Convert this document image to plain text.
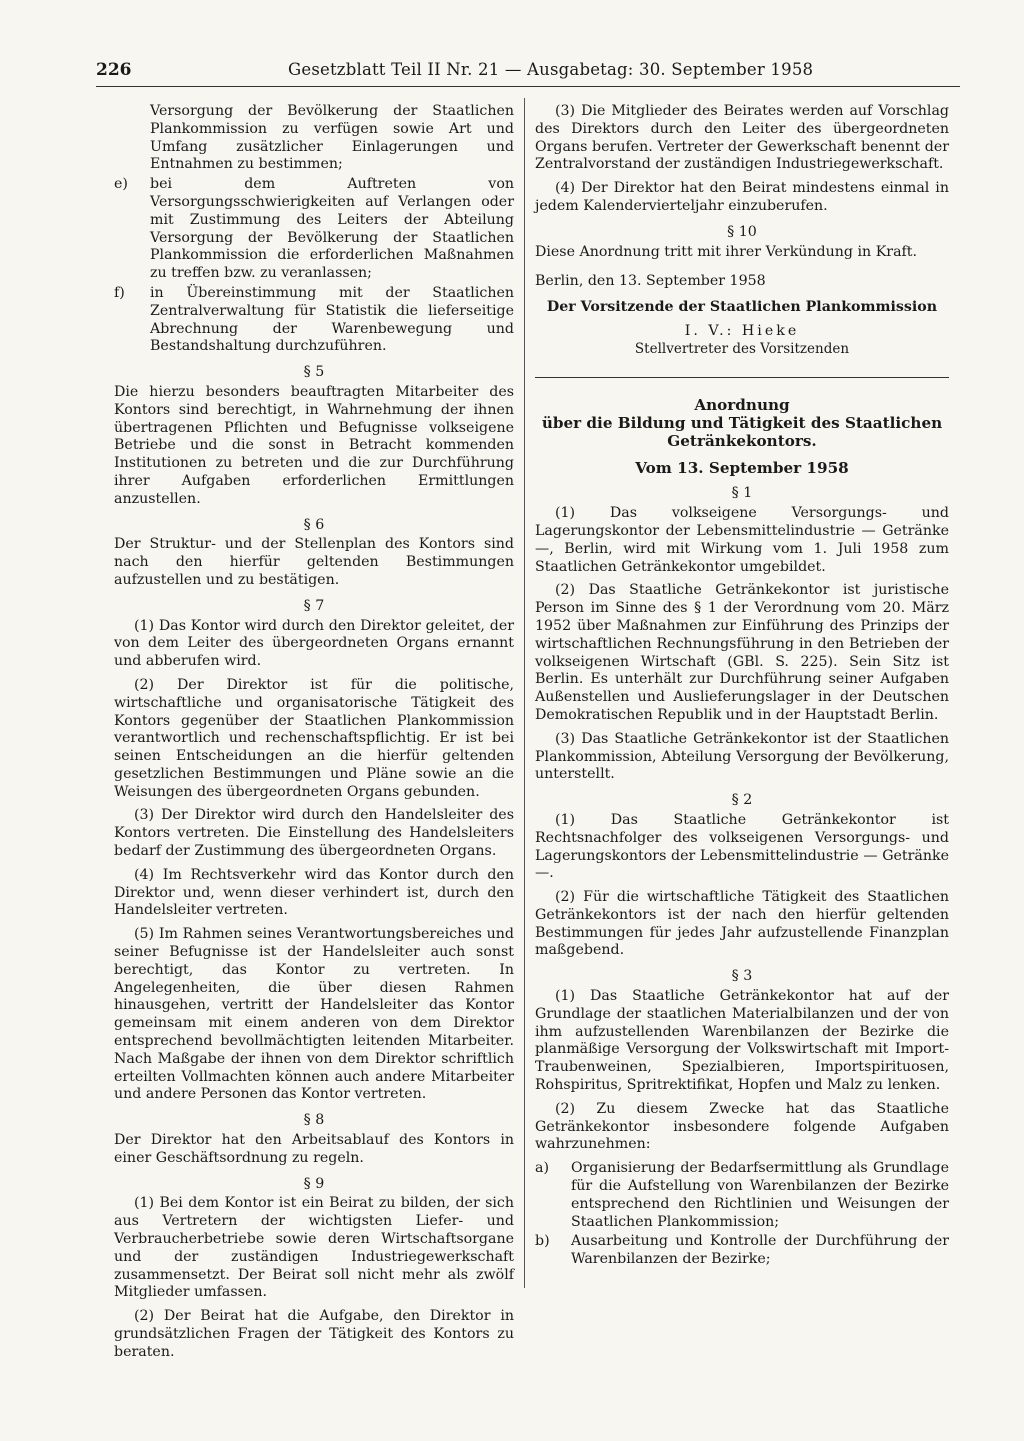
226	Gesetzblatt Teil II Nr. 21 — Ausgabetag: 30. September 1958

Versorgung der Bevölkerung der Staatlichen Plankommission zu verfügen sowie Art und Umfang zusätzlicher Einlagerungen und Entnahmen zu bestimmen;

e)	bei dem Auftreten von Versorgungsschwierigkeiten auf Verlangen oder mit Zustimmung des Leiters der Abteilung Versorgung der Bevölkerung der Staatlichen Plankommission die erforderlichen Maßnahmen zu treffen bzw. zu veranlassen;
f)	in Übereinstimmung mit der Staatlichen Zentralverwaltung für Statistik die lieferseitige Abrechnung der Warenbewegung und Bestandshaltung durchzuführen.
§ 5

Die hierzu besonders beauftragten Mitarbeiter des Kontors sind berechtigt, in Wahrnehmung der ihnen übertragenen Pflichten und Befugnisse volkseigene Betriebe und die sonst in Betracht kommenden Institutionen zu betreten und die zur Durchführung ihrer Aufgaben erforderlichen Ermittlungen anzustellen.

§ 6

Der Struktur- und der Stellenplan des Kontors sind nach den hierfür geltenden Bestimmungen aufzustellen und zu bestätigen.

§ 7

(1) Das Kontor wird durch den Direktor geleitet, der von dem Leiter des übergeordneten Organs ernannt und abberufen wird.

(2) Der Direktor ist für die politische, wirtschaftliche und organisatorische Tätigkeit des Kontors gegenüber der Staatlichen Plankommission verantwortlich und rechenschaftspflichtig. Er ist bei seinen Entscheidungen an die hierfür geltenden gesetzlichen Bestimmungen und Pläne sowie an die Weisungen des übergeordneten Organs gebunden.

(3) Der Direktor wird durch den Handelsleiter des Kontors vertreten. Die Einstellung des Handelsleiters bedarf der Zustimmung des übergeordneten Organs.

(4) Im Rechtsverkehr wird das Kontor durch den Direktor und, wenn dieser verhindert ist, durch den Handelsleiter vertreten.

(5) Im Rahmen seines Verantwortungsbereiches und seiner Befugnisse ist der Handelsleiter auch sonst berechtigt, das Kontor zu vertreten. In Angelegenheiten, die über diesen Rahmen hinausgehen, vertritt der Handelsleiter das Kontor gemeinsam mit einem anderen von dem Direktor entsprechend bevollmächtigten leitenden Mitarbeiter. Nach Maßgabe der ihnen von dem Direktor schriftlich erteilten Vollmachten können auch andere Mitarbeiter und andere Personen das Kontor vertreten.

§ 8

Der Direktor hat den Arbeitsablauf des Kontors in einer Geschäftsordnung zu regeln.

§ 9

(1) Bei dem Kontor ist ein Beirat zu bilden, der sich aus Vertretern der wichtigsten Liefer- und Verbraucherbetriebe sowie deren Wirtschaftsorgane und der zuständigen Industriegewerkschaft zusammensetzt. Der Beirat soll nicht mehr als zwölf Mitglieder umfassen.

(2) Der Beirat hat die Aufgabe, den Direktor in grundsätzlichen Fragen der Tätigkeit des Kontors zu beraten.

(3) Die Mitglieder des Beirates werden auf Vorschlag des Direktors durch den Leiter des übergeordneten Organs berufen. Vertreter der Gewerkschaft benennt der Zentralvorstand der zuständigen Industriegewerkschaft.

(4) Der Direktor hat den Beirat mindestens einmal in jedem Kalendervierteljahr einzuberufen.

§ 10

Diese Anordnung tritt mit ihrer Verkündung in Kraft.

Berlin, den 13. September 1958

Der Vorsitzende der Staatlichen Plankommission
I. V.: Hieke
Stellvertreter des Vorsitzenden
Anordnung
über die Bildung und Tätigkeit des Staatlichen
Getränkekontors.
Vom 13. September 1958
§ 1

(1) Das volkseigene Versorgungs- und Lagerungskontor der Lebensmittelindustrie — Getränke —, Berlin, wird mit Wirkung vom 1. Juli 1958 zum Staatlichen Getränkekontor umgebildet.

(2) Das Staatliche Getränkekontor ist juristische Person im Sinne des § 1 der Verordnung vom 20. März 1952 über Maßnahmen zur Einführung des Prinzips der wirtschaftlichen Rechnungsführung in den Betrieben der volkseigenen Wirtschaft (GBl. S. 225). Sein Sitz ist Berlin. Es unterhält zur Durchführung seiner Aufgaben Außenstellen und Auslieferungslager in der Deutschen Demokratischen Republik und in der Hauptstadt Berlin.

(3) Das Staatliche Getränkekontor ist der Staatlichen Plankommission, Abteilung Versorgung der Bevölkerung, unterstellt.

§ 2

(1) Das Staatliche Getränkekontor ist Rechtsnachfolger des volkseigenen Versorgungs- und Lagerungskontors der Lebensmittelindustrie — Getränke —.

(2) Für die wirtschaftliche Tätigkeit des Staatlichen Getränkekontors ist der nach den hierfür geltenden Bestimmungen für jedes Jahr aufzustellende Finanzplan maßgebend.

§ 3

(1) Das Staatliche Getränkekontor hat auf der Grundlage der staatlichen Materialbilanzen und der von ihm aufzustellenden Warenbilanzen der Bezirke die planmäßige Versorgung der Volkswirtschaft mit Import-Traubenweinen, Spezialbieren, Importspirituosen, Rohspiritus, Spritrektifikat, Hopfen und Malz zu lenken.

(2) Zu diesem Zwecke hat das Staatliche Getränkekontor insbesondere folgende Aufgaben wahrzunehmen:

a)	Organisierung der Bedarfsermittlung als Grundlage für die Aufstellung von Warenbilanzen der Bezirke entsprechend den Richtlinien und Weisungen der Staatlichen Plankommission;
b)	Ausarbeitung und Kontrolle der Durchführung der Warenbilanzen der Bezirke;
